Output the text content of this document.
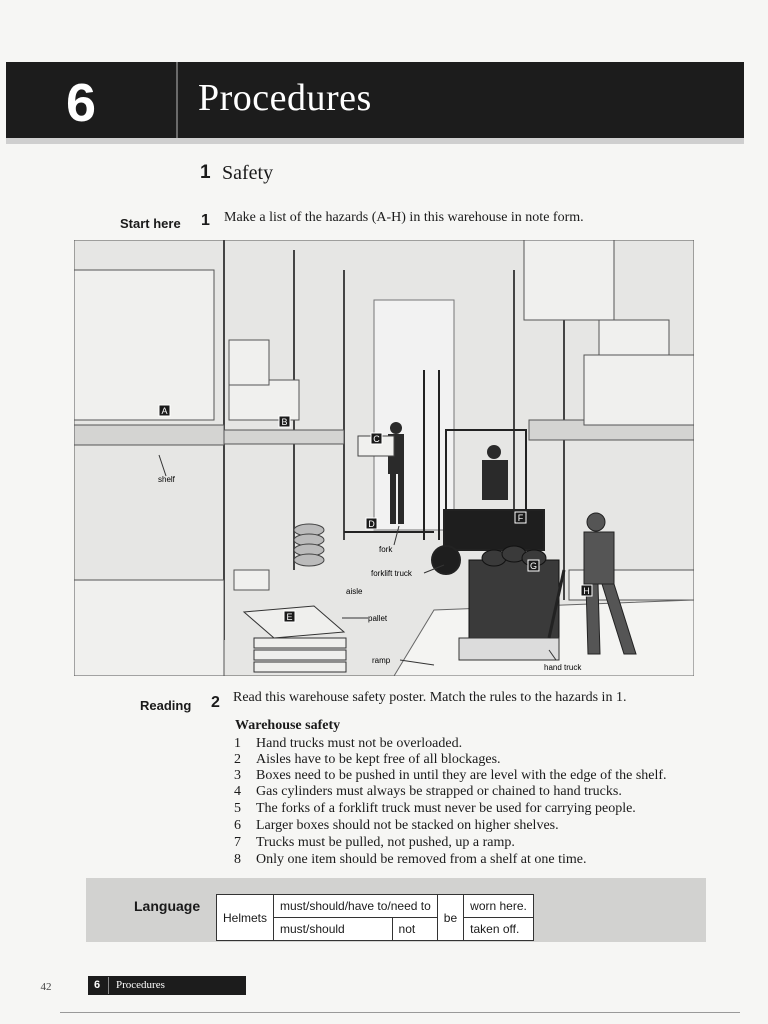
6	Procedures
1 Safety
Start here 1 Make a list of the hazards (A-H) in this warehouse in note form.
A
B
C
D
E
F
G
H
shelf
fork
forklift truck
aisle
pallet
ramp
hand truck
Reading 2 Read this warehouse safety poster. Match the rules to the hazards in 1.
Warehouse safety
1 Hand trucks must not be overloaded.
2 Aisles have to be kept free of all blockages.
3 Boxes need to be pushed in until they are level with the edge of the shelf.
4 Gas cylinders must always be strapped or chained to hand trucks.
5 The forks of a forklift truck must never be used for carrying people.
6 Larger boxes should not be stacked on higher shelves.
7 Trucks must be pulled, not pushed, up a ramp.
8 Only one item should be removed from a shelf at one time.
Language
Helmets	must/should/have to/need to		be	worn here.
	must/should	not		taken off.
42	6 Procedures
